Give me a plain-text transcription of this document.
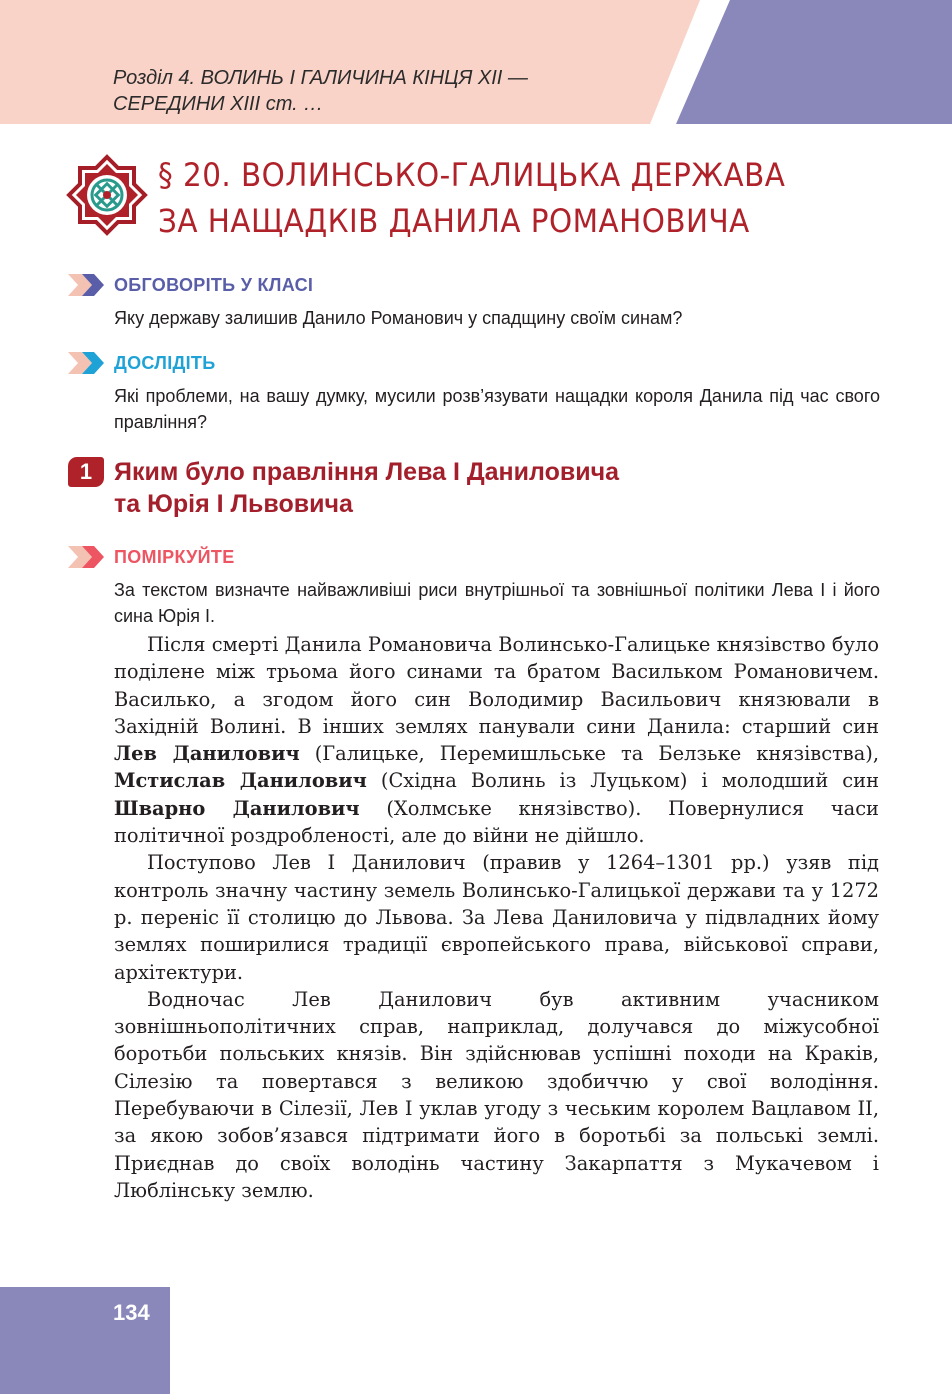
Розділ 4. ВОЛИНЬ І ГАЛИЧИНА КІНЦЯ ХІІ —
СЕРЕДИНИ ХІІІ ст. …
§ 20. ВОЛИНСЬКО-ГАЛИЦЬКА ДЕРЖАВА
ЗА НАЩАДКІВ ДАНИЛА РОМАНОВИЧА
ОБГОВОРІТЬ У КЛАСІ
Яку державу залишив Данило Романович у спадщину своїм синам?
ДОСЛІДІТЬ
Які проблеми, на вашу думку, мусили розв’язувати нащадки короля Данила під час свого правління?
1 Яким було правління Лева І Даниловича
та Юрія І Львовича
ПОМІРКУЙТЕ
За текстом визначте найважливіші риси внутрішньої та зовнішньої політики Лева І і його сина Юрія І.

Після смерті Данила Романовича Волинсько-Галицьке князівство було поділене між трьома його синами та братом Васильком Романовичем. Василько, а згодом його син Володимир Васильович князювали в Західній Волині. В інших землях панували сини Данила: старший син Лев Данилович (Галицьке, Перемишльське та Белзьке князівства), Мстислав Данилович (Східна Волинь із Луцьком) і молодший син Шварно Данилович (Холмське князівство). Повернулися часи політичної роздробленості, але до війни не дійшло.

Поступово Лев І Данилович (правив у 1264–1301 рр.) узяв під контроль значну частину земель Волинсько-Галицької держави та у 1272 р. переніс її столицю до Львова. За Лева Даниловича у підвладних йому землях поширилися традиції європейського права, військової справи, архітектури.

Водночас Лев Данилович був активним учасником зовнішньополітичних справ, наприклад, долучався до міжусобної боротьби польських князів. Він здійснював успішні походи на Краків, Сілезію та повертався з великою здобиччю у свої володіння. Перебуваючи в Сілезії, Лев І уклав угоду з чеським королем Вацлавом ІІ, за якою зобов’язався підтримати його в боротьбі за польські землі. Приєднав до своїх володінь частину Закарпаття з Мукачевом і Люблінську землю.

134
